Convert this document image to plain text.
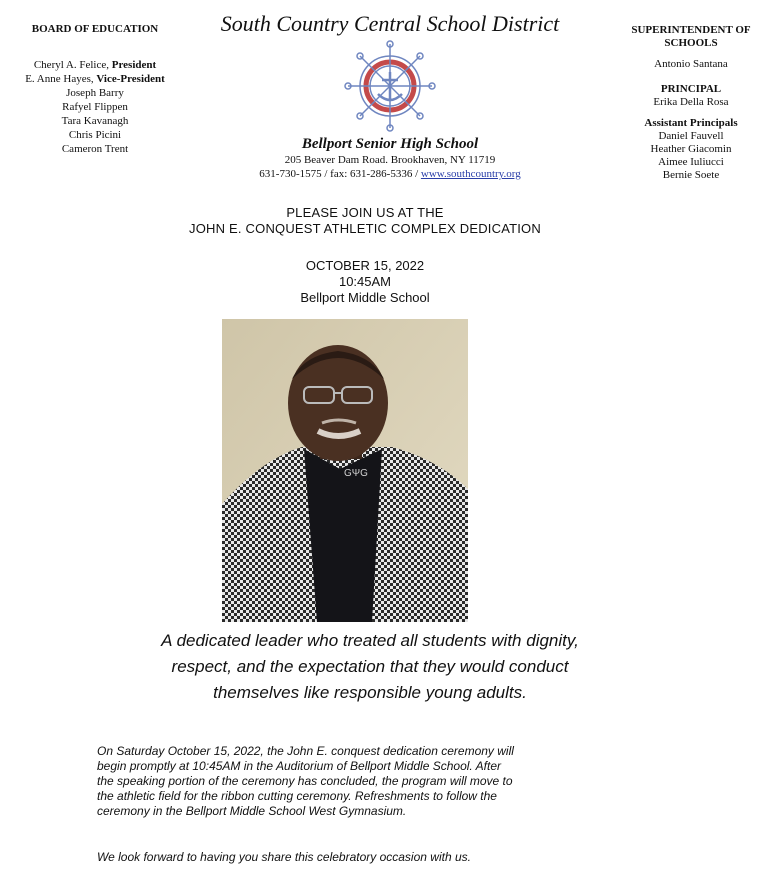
BOARD OF EDUCATION
Cheryl A. Felice, President
E. Anne Hayes, Vice-President
Joseph Barry
Rafyel Flippen
Tara Kavanagh
Chris Picini
Cameron Trent
South Country Central School District
Bellport Senior High School
205 Beaver Dam Road. Brookhaven, NY 11719
631-730-1575 / fax: 631-286-5336 / www.southcountry.org
SUPERINTENDENT OF SCHOOLS
Antonio Santana
PRINCIPAL
Erika Della Rosa
Assistant Principals
Daniel Fauvell
Heather Giacomin
Aimee Iuliucci
Bernie Soete
PLEASE JOIN US AT THE
JOHN E. CONQUEST ATHLETIC COMPLEX DEDICATION
OCTOBER 15, 2022
10:45AM
Bellport Middle School
GΨG
A dedicated leader who treated all students with dignity,
respect, and the expectation that they would conduct
themselves like responsible young adults.
On Saturday October 15, 2022, the John E. conquest dedication ceremony will
begin promptly at 10:45AM in the Auditorium of Bellport Middle School. After
the speaking portion of the ceremony has concluded, the program will move to
the athletic field for the ribbon cutting ceremony. Refreshments to follow the
ceremony in the Bellport Middle School West Gymnasium.
We look forward to having you share this celebratory occasion with us.
